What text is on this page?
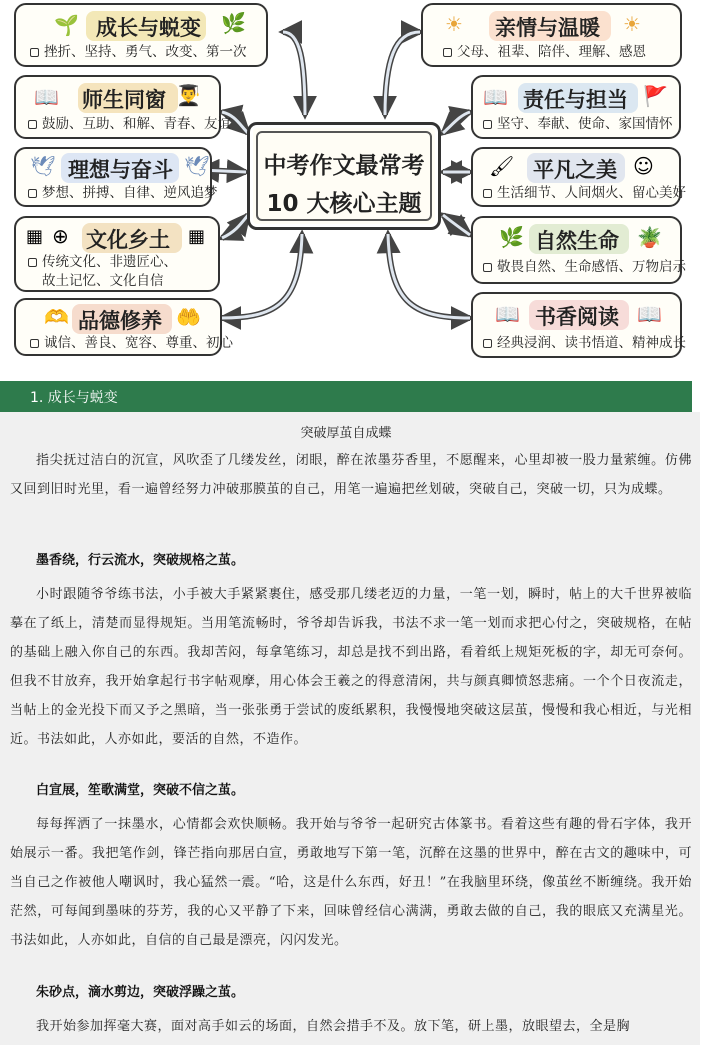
🌱	🌿
成长与蜕变
挫折、坚持、勇气、改变、第一次
📖	👨‍🎓
师生同窗
鼓励、互助、和解、青春、友谊
🕊	🕊
理想与奋斗
梦想、拼搏、自律、逆风追梦
▦ ⊕	▦
文化乡土
传统文化、非遗匠心、
故土记忆、文化自信
🫶	🤲
品德修养
诚信、善良、宽容、尊重、初心
中考作文最常考
10 大核心主题
☀	☀
亲情与温暖
父母、祖辈、陪伴、理解、感恩
📖	🚩
责任与担当
坚守、奉献、使命、家国情怀
🖌	☺
平凡之美
生活细节、人间烟火、留心美好
🌿	🪴
自然生命
敬畏自然、生命感悟、万物启示
📖	📖
书香阅读
经典浸润、读书悟道、精神成长
1. 成长与蜕变
突破厚茧自成蝶
指尖抚过洁白的沉宣，风吹歪了几缕发丝，闭眼，醉在浓墨芬香里，不愿醒来，心里却被一股力量萦缠。仿佛又回到旧时光里，看一遍曾经努力冲破那膜茧的自己，用笔一遍遍把丝划破，突破自己，突破一切，只为成蝶。
墨香绕，行云流水，突破规格之茧。
小时跟随爷爷练书法，小手被大手紧紧裹住，感受那几缕老迈的力量，一笔一划，瞬时，帖上的大千世界被临摹在了纸上，清楚而显得规矩。当用笔流畅时，爷爷却告诉我，书法不求一笔一划而求把心付之，突破规格，在帖的基础上融入你自己的东西。我却苦闷，每拿笔练习，却总是找不到出路，看着纸上规矩死板的字，却无可奈何。但我不甘放弃，我开始拿起行书字帖观摩，用心体会王羲之的得意清闲，共与颜真卿愤怒悲痛。一个个日夜流走，当帖上的金光投下而又予之黑暗，当一张张勇于尝试的废纸累积，我慢慢地突破这层茧，慢慢和我心相近，与光相近。书法如此，人亦如此，要活的自然，不造作。
白宣展，笙歌满堂，突破不信之茧。
每每挥洒了一抹墨水，心情都会欢快顺畅。我开始与爷爷一起研究古体篆书。看着这些有趣的骨石字体，我开始展示一番。我把笔作剑，锋芒指向那居白宣，勇敢地写下第一笔，沉醉在这墨的世界中，醉在古文的趣味中，可当自己之作被他人嘲讽时，我心猛然一震。“哈，这是什么东西，好丑！”在我脑里环绕，像茧丝不断缠绕。我开始茫然，可每闻到墨味的芬芳，我的心又平静了下来，回味曾经信心满满，勇敢去做的自己，我的眼底又充满星光。书法如此，人亦如此，自信的自己最是漂亮，闪闪发光。
朱砂点，滴水剪边，突破浮躁之茧。
我开始参加挥毫大赛，面对高手如云的场面，自然会措手不及。放下笔，研上墨，放眼望去，全是胸
